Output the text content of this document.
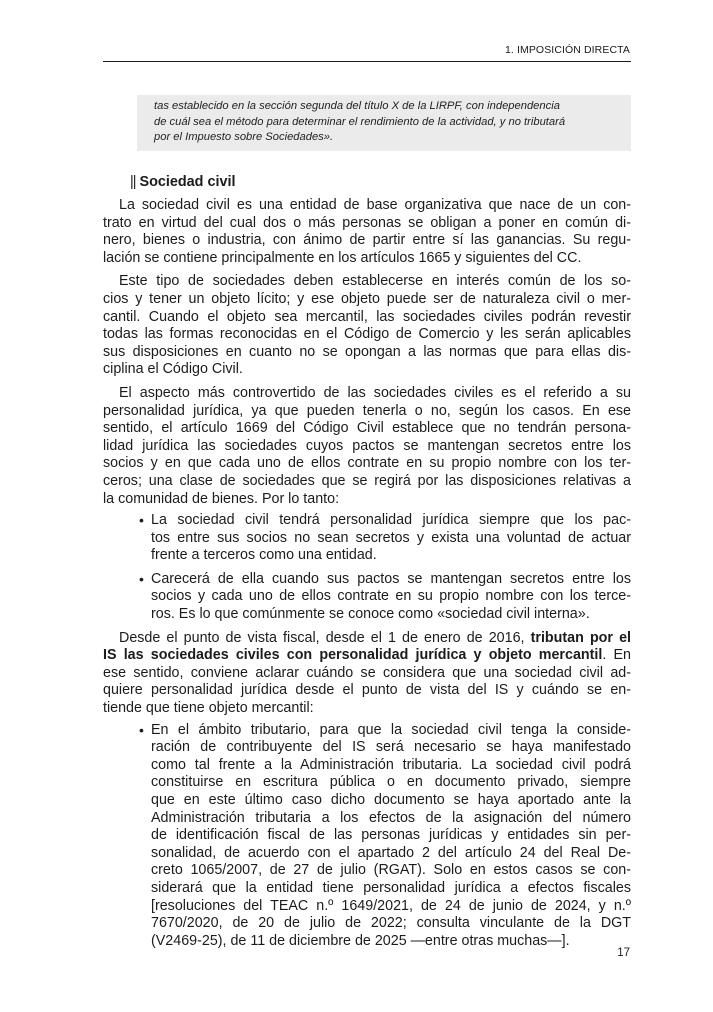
1. IMPOSICIÓN DIRECTA
tas establecido en la sección segunda del título X de la LIRPF, con independencia
de cuál sea el método para determinar el rendimiento de la actividad, y no tributará
por el Impuesto sobre Sociedades».
|| Sociedad civil
La sociedad civil es una entidad de base organizativa que nace de un con-
trato en virtud del cual dos o más personas se obligan a poner en común di-
nero, bienes o industria, con ánimo de partir entre sí las ganancias. Su regu-
lación se contiene principalmente en los artículos 1665 y siguientes del CC.
Este tipo de sociedades deben establecerse en interés común de los so-
cios y tener un objeto lícito; y ese objeto puede ser de naturaleza civil o mer-
cantil. Cuando el objeto sea mercantil, las sociedades civiles podrán revestir
todas las formas reconocidas en el Código de Comercio y les serán aplicables
sus disposiciones en cuanto no se opongan a las normas que para ellas dis-
ciplina el Código Civil.
El aspecto más controvertido de las sociedades civiles es el referido a su
personalidad jurídica, ya que pueden tenerla o no, según los casos. En ese
sentido, el artículo 1669 del Código Civil establece que no tendrán persona-
lidad jurídica las sociedades cuyos pactos se mantengan secretos entre los
socios y en que cada uno de ellos contrate en su propio nombre con los ter-
ceros; una clase de sociedades que se regirá por las disposiciones relativas a
la comunidad de bienes. Por lo tanto:
• La sociedad civil tendrá personalidad jurídica siempre que los pac-
tos entre sus socios no sean secretos y exista una voluntad de actuar
frente a terceros como una entidad.
• Carecerá de ella cuando sus pactos se mantengan secretos entre los
socios y cada uno de ellos contrate en su propio nombre con los terce-
ros. Es lo que comúnmente se conoce como «sociedad civil interna».
Desde el punto de vista fiscal, desde el 1 de enero de 2016, tributan por el
IS las sociedades civiles con personalidad jurídica y objeto mercantil. En
ese sentido, conviene aclarar cuándo se considera que una sociedad civil ad-
quiere personalidad jurídica desde el punto de vista del IS y cuándo se en-
tiende que tiene objeto mercantil:
• En el ámbito tributario, para que la sociedad civil tenga la conside-
ración de contribuyente del IS será necesario se haya manifestado
como tal frente a la Administración tributaria. La sociedad civil podrá
constituirse en escritura pública o en documento privado, siempre
que en este último caso dicho documento se haya aportado ante la
Administración tributaria a los efectos de la asignación del número
de identificación fiscal de las personas jurídicas y entidades sin per-
sonalidad, de acuerdo con el apartado 2 del artículo 24 del Real De-
creto 1065/2007, de 27 de julio (RGAT). Solo en estos casos se con-
siderará que la entidad tiene personalidad jurídica a efectos fiscales
[resoluciones del TEAC n.º 1649/2021, de 24 de junio de 2024, y n.º
7670/2020, de 20 de julio de 2022; consulta vinculante de la DGT
(V2469-25), de 11 de diciembre de 2025 —entre otras muchas—].
17
